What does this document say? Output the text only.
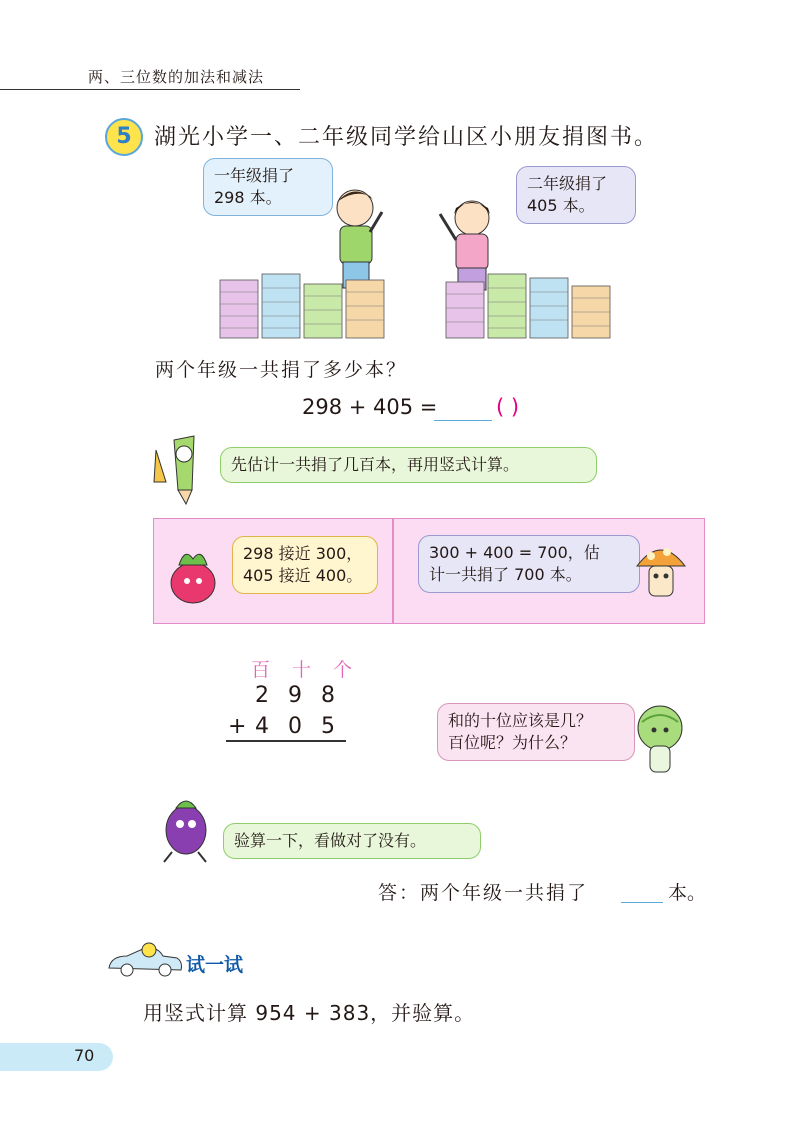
两、三位数的加法和减法
5	湖光小学一、二年级同学给山区小朋友捐图书。
一年级捐了
298 本。
二年级捐了
405 本。
两个年级一共捐了多少本？
298 + 405 =	( )
先估计一共捐了几百本，再用竖式计算。
298 接近 300，
405 接近 400。
300 + 400 = 700，估
计一共捐了 700 本。
百十个
2 9 8
+ 4 0 5	和的十位应该是几？
百位呢？为什么？
验算一下，看做对了没有。
答：两个年级一共捐了	本。
试一试
用竖式计算 954 + 383，并验算。
70
